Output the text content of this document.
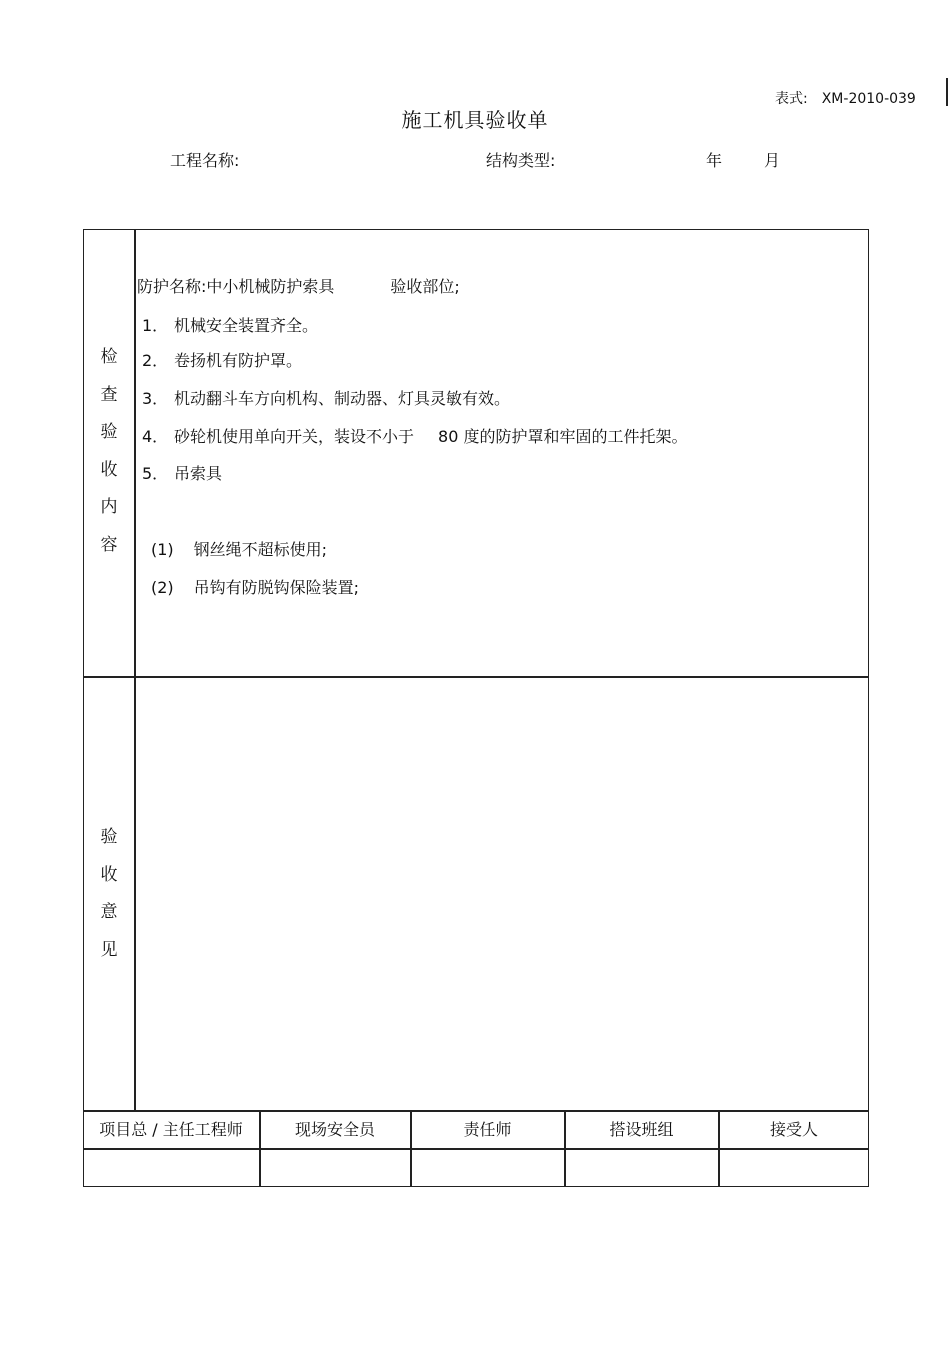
表式: XM-2010-039
施工机具验收单
工程名称:	结构类型:	年	月
检
查
验
收
内
容
防护名称:中小机械防护索具	验收部位;
1． 机械安全装置齐全。
2． 卷扬机有防护罩。
3． 机动翻斗车方向机构、制动器、灯具灵敏有效。
4． 砂轮机使用单向开关，装设不小于 80 度的防护罩和牢固的工件托架。
5． 吊索具
(1) 钢丝绳不超标使用;
(2) 吊钩有防脱钩保险装置;
验
收
意
见
项目总 / 主任工程师	现场安全员	责任师	搭设班组	接受人
